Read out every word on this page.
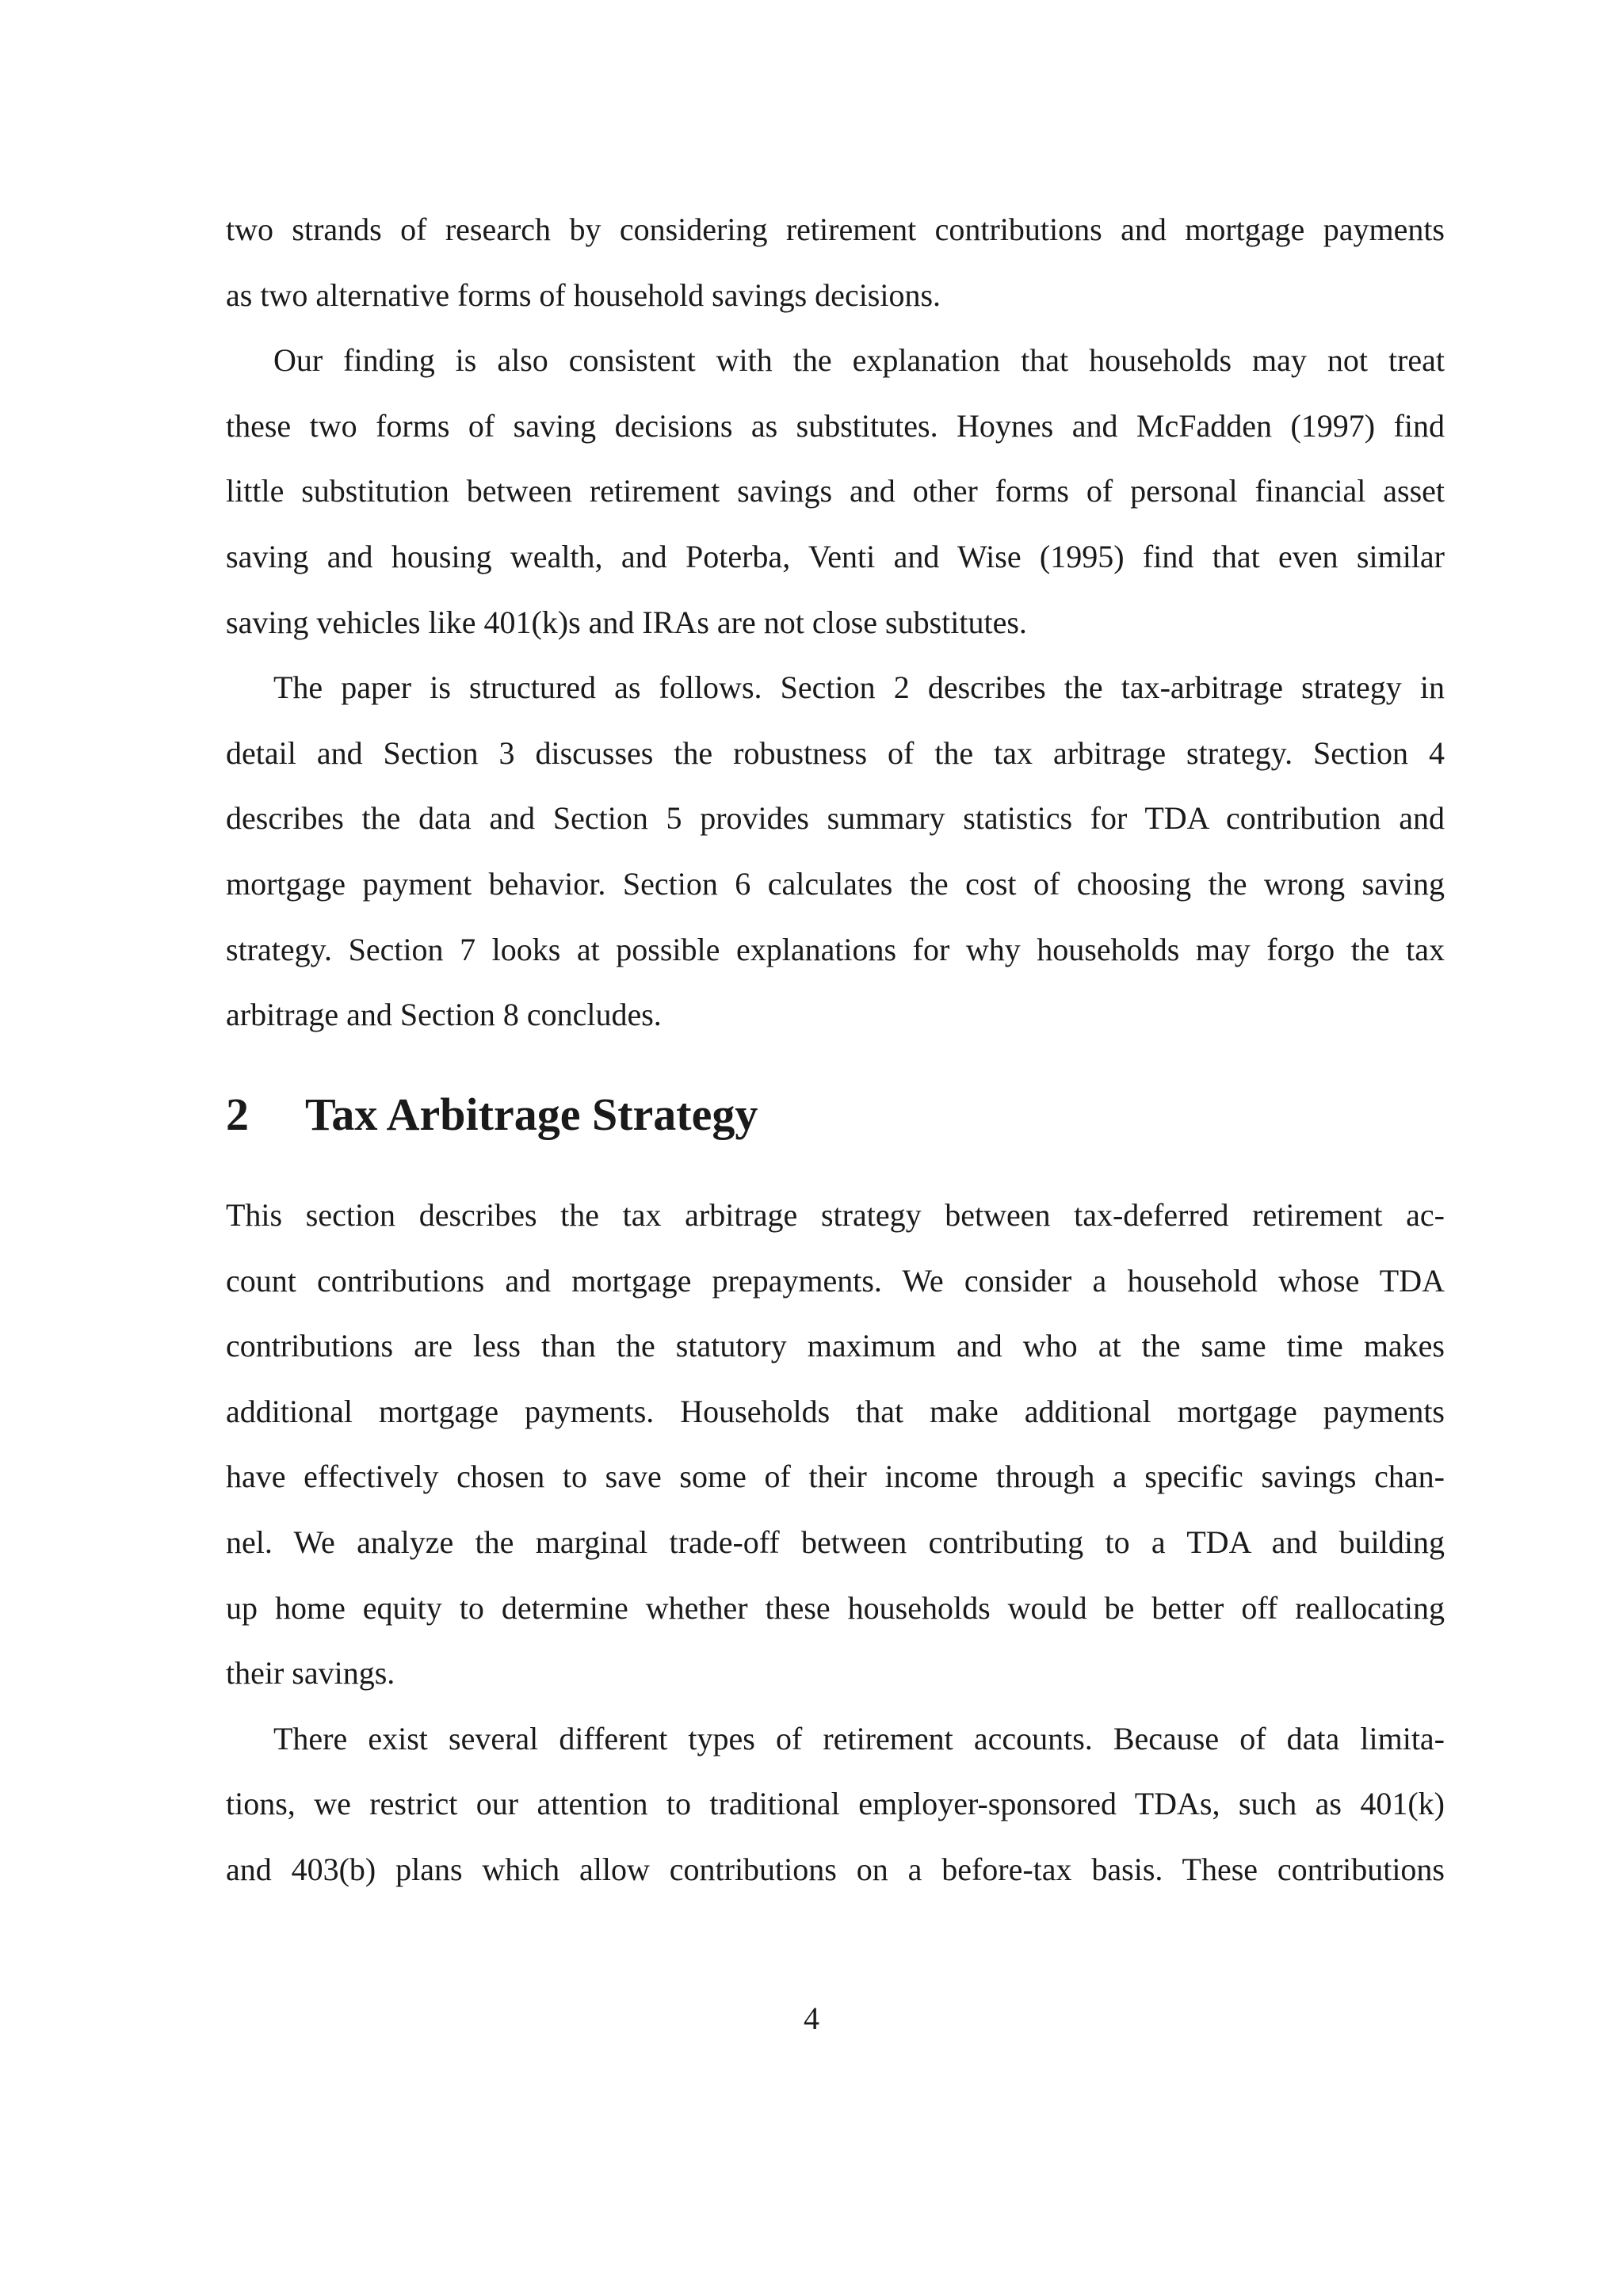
two strands of research by considering retirement contributions and mortgage payments
as two alternative forms of household savings decisions.
Our finding is also consistent with the explanation that households may not treat
these two forms of saving decisions as substitutes. Hoynes and McFadden (1997) find
little substitution between retirement savings and other forms of personal financial asset
saving and housing wealth, and Poterba, Venti and Wise (1995) find that even similar
saving vehicles like 401(k)s and IRAs are not close substitutes.
The paper is structured as follows. Section 2 describes the tax-arbitrage strategy in
detail and Section 3 discusses the robustness of the tax arbitrage strategy. Section 4
describes the data and Section 5 provides summary statistics for TDA contribution and
mortgage payment behavior. Section 6 calculates the cost of choosing the wrong saving
strategy. Section 7 looks at possible explanations for why households may forgo the tax
arbitrage and Section 8 concludes.
2 Tax Arbitrage Strategy
This section describes the tax arbitrage strategy between tax-deferred retirement ac-
count contributions and mortgage prepayments. We consider a household whose TDA
contributions are less than the statutory maximum and who at the same time makes
additional mortgage payments. Households that make additional mortgage payments
have effectively chosen to save some of their income through a specific savings chan-
nel. We analyze the marginal trade-off between contributing to a TDA and building
up home equity to determine whether these households would be better off reallocating
their savings.
There exist several different types of retirement accounts. Because of data limita-
tions, we restrict our attention to traditional employer-sponsored TDAs, such as 401(k)
and 403(b) plans which allow contributions on a before-tax basis. These contributions
4
